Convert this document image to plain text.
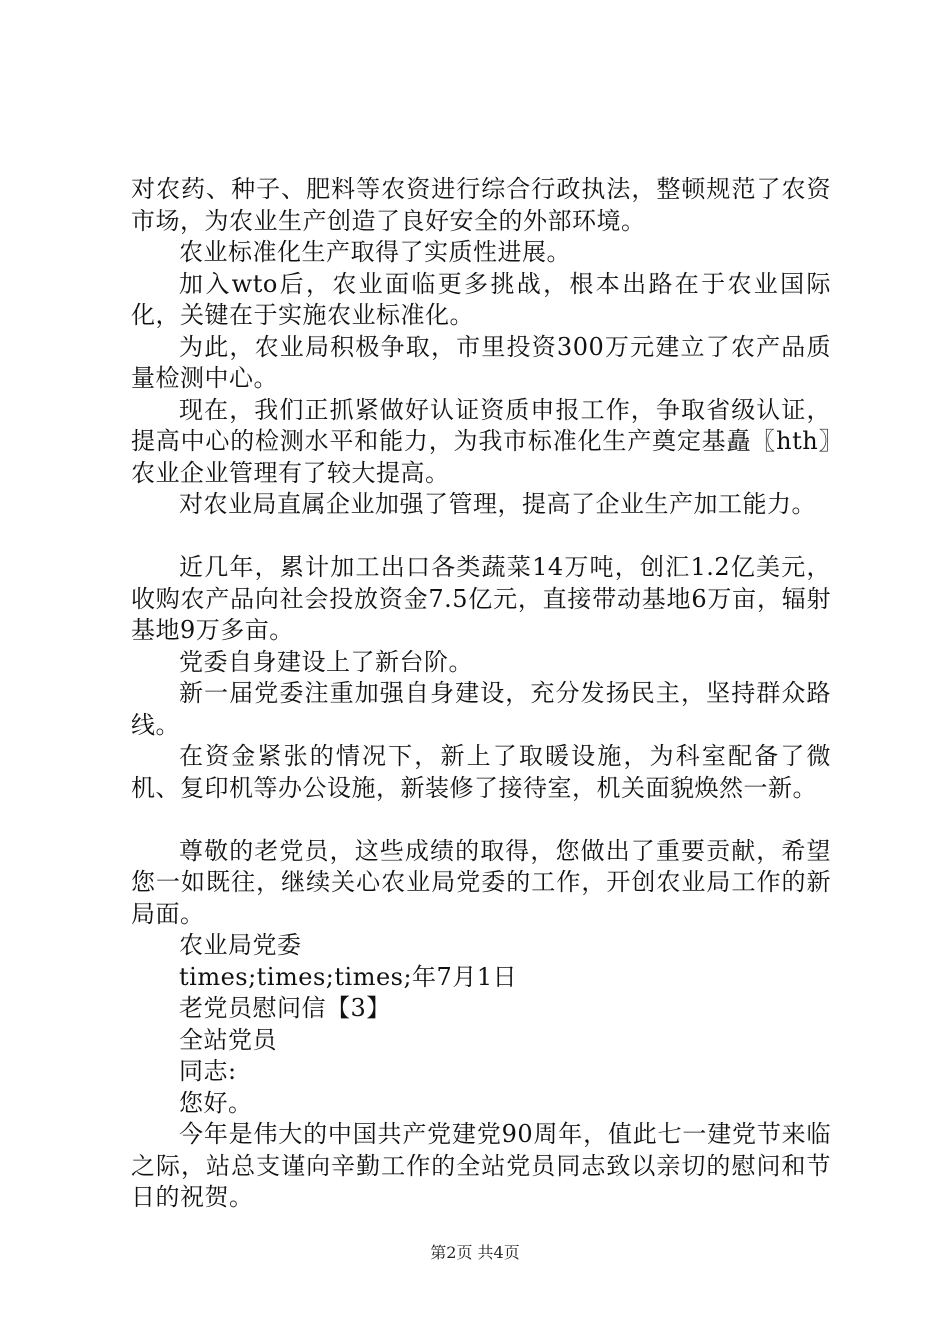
对农药、种子、肥料等农资进行综合行政执法，整顿规范了农资市场，为农业生产创造了良好安全的外部环境。

农业标准化生产取得了实质性进展。

加入wto后，农业面临更多挑战，根本出路在于农业国际化，关键在于实施农业标准化。

为此，农业局积极争取，市里投资300万元建立了农产品质量检测中心。

现在，我们正抓紧做好认证资质申报工作，争取省级认证，提高中心的检测水平和能力，为我市标准化生产奠定基矗〖hth〗农业企业管理有了较大提高。

对农业局直属企业加强了管理，提高了企业生产加工能力。

近几年，累计加工出口各类蔬菜14万吨，创汇1.2亿美元，收购农产品向社会投放资金7.5亿元，直接带动基地6万亩，辐射基地9万多亩。

党委自身建设上了新台阶。

新一届党委注重加强自身建设，充分发扬民主，坚持群众路线。

在资金紧张的情况下，新上了取暖设施，为科室配备了微机、复印机等办公设施，新装修了接待室，机关面貌焕然一新。

尊敬的老党员，这些成绩的取得，您做出了重要贡献，希望您一如既往，继续关心农业局党委的工作，开创农业局工作的新局面。

农业局党委

times;times;times;年7月1日

老党员慰问信【3】

全站党员

同志:

您好。

今年是伟大的中国共产党建党90周年，值此七一建党节来临之际，站总支谨向辛勤工作的全站党员同志致以亲切的慰问和节日的祝贺。

第2页 共4页
